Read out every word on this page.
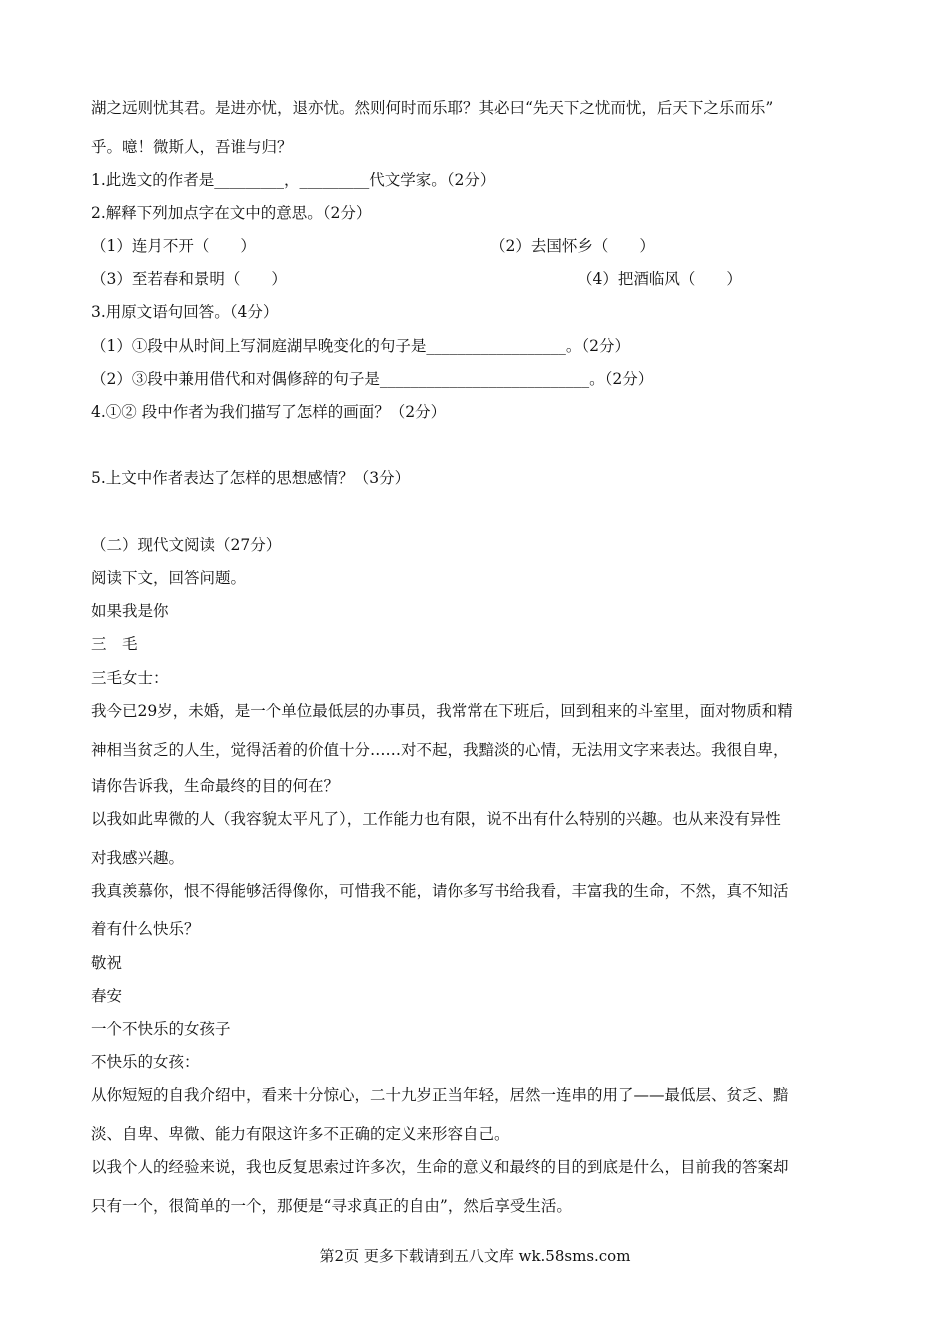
湖之远则忧其君。是进亦忧，退亦忧。然则何时而乐耶？其必曰“先天下之忧而忧，后天下之乐而乐”
乎。噫！微斯人，吾谁与归？
1.此选文的作者是_________，_________代文学家。（2分）
2.解释下列加点字在文中的意思。（2分）
（1）连月不开（　　）	（2）去国怀乡（　　）
（3）至若春和景明（　　）	（4）把酒临风（　　）
3.用原文语句回答。（4分）
（1）①段中从时间上写洞庭湖早晚变化的句子是__________________。（2分）
（2）③段中兼用借代和对偶修辞的句子是___________________________。（2分）
4.①② 段中作者为我们描写了怎样的画面？（2分）
5.上文中作者表达了怎样的思想感情？（3分）
（二）现代文阅读（27分）
阅读下文，回答问题。
如果我是你
三　毛
三毛女士：
我今已29岁，未婚，是一个单位最低层的办事员，我常常在下班后，回到租来的斗室里，面对物质和精
神相当贫乏的人生，觉得活着的价值十分……对不起，我黯淡的心情，无法用文字来表达。我很自卑，
请你告诉我，生命最终的目的何在？
以我如此卑微的人（我容貌太平凡了），工作能力也有限，说不出有什么特别的兴趣。也从来没有异性
对我感兴趣。
我真羡慕你，恨不得能够活得像你，可惜我不能，请你多写书给我看，丰富我的生命，不然，真不知活
着有什么快乐？
敬祝
春安
一个不快乐的女孩子
不快乐的女孩：
从你短短的自我介绍中，看来十分惊心，二十九岁正当年轻，居然一连串的用了——最低层、贫乏、黯
淡、自卑、卑微、能力有限这许多不正确的定义来形容自己。
以我个人的经验来说，我也反复思索过许多次，生命的意义和最终的目的到底是什么，目前我的答案却
只有一个，很简单的一个，那便是“寻求真正的自由”，然后享受生活。
第2页 更多下载请到五八文库 wk.58sms.com
